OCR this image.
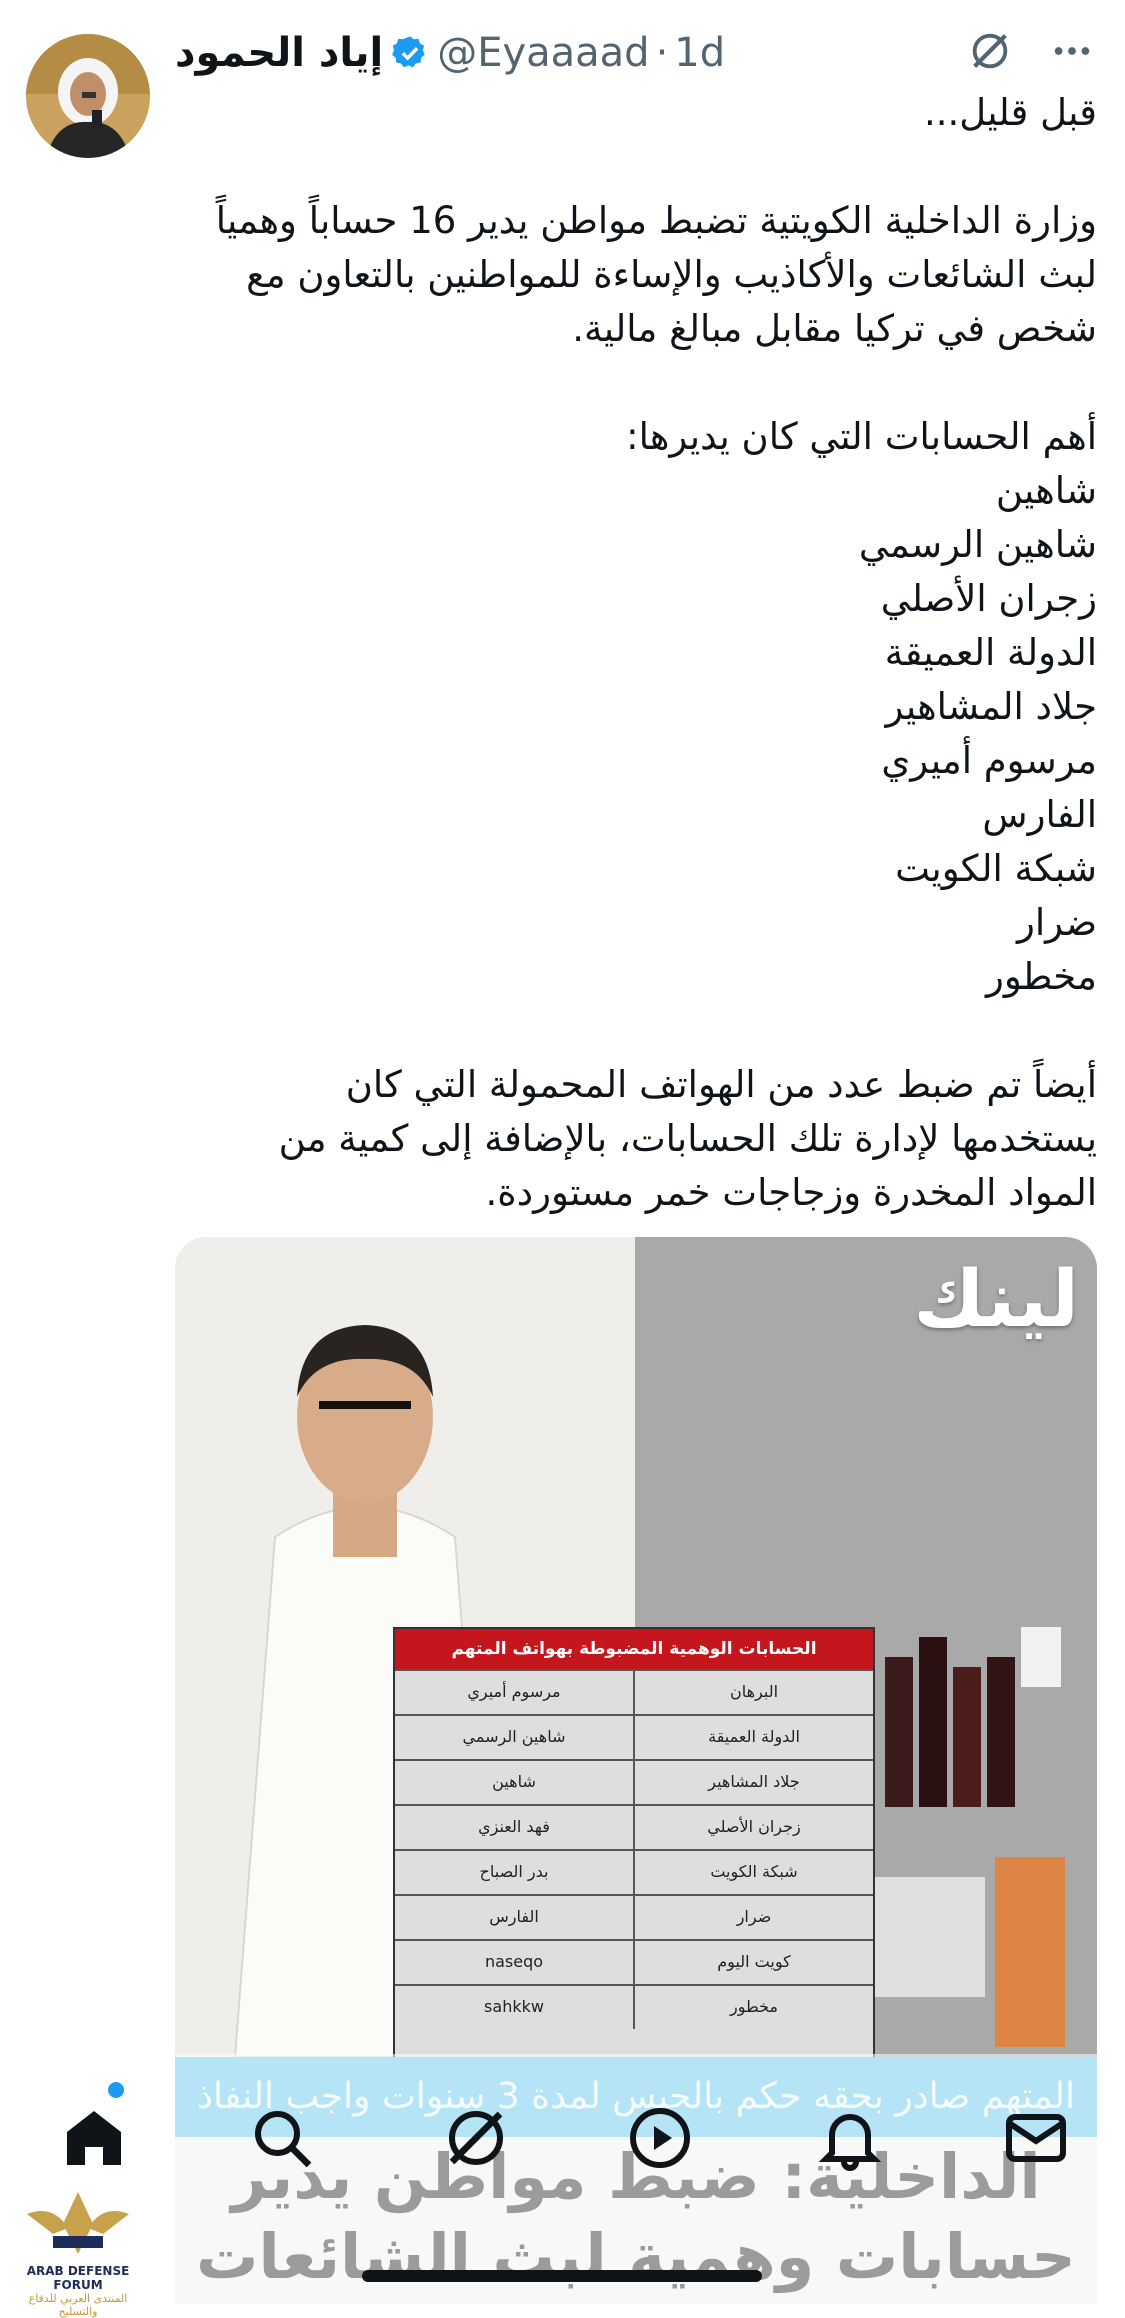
إياد الحمود @Eyaaaad · 1d

قبل قليل...

وزارة الداخلية الكويتية تضبط مواطن يدير 16 حساباً وهمياً

لبث الشائعات والأكاذيب والإساءة للمواطنين بالتعاون مع

شخص في تركيا مقابل مبالغ مالية.

أهم الحسابات التي كان يديرها:

شاهين

شاهين الرسمي

زجران الأصلي

الدولة العميقة

جلاد المشاهير

مرسوم أميري

الفارس

شبكة الكويت

ضرار

مخطور

أيضاً تم ضبط عدد من الهواتف المحمولة التي كان

يستخدمها لإدارة تلك الحسابات، بالإضافة إلى كمية من

المواد المخدرة وزجاجات خمر مستوردة.

لينك
الحسابات الوهمية المضبوطة بهواتف المتهم
مرسوم أميري	البرهان
شاهين الرسمي	الدولة العميقة
شاهين	جلاد المشاهير
فهد العنزي	زجران الأصلي
بدر الصباح	شبكة الكويت
الفارس	ضرار
naseqo	كويت اليوم
sahkkw	مخطور
ARAB DEFENSE FORUM
المنتدى العربي للدفاع والتسليح
